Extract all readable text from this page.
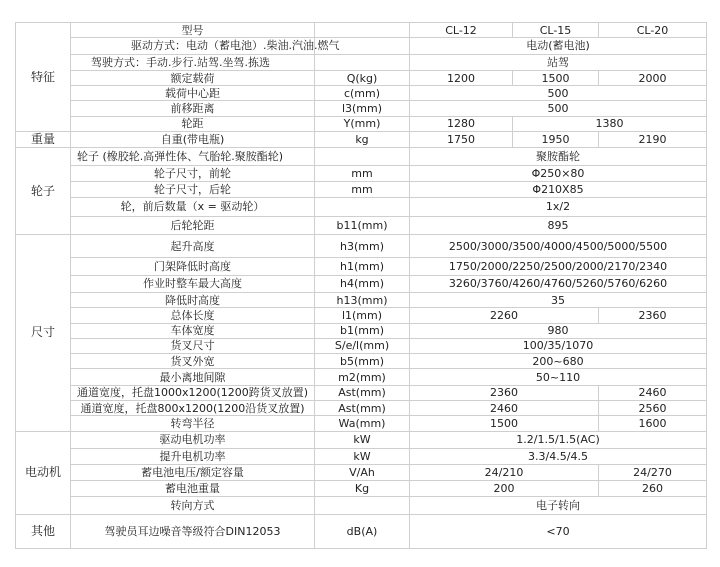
特征	型号		CL-12	CL-15	CL-20
	驱动方式：电动（蓄电池）.柴油.汽油.燃气		电动(蓄电池)		
	驾驶方式：手动.步行.站驾.坐驾.拣选		站驾		
	额定载荷	Q(kg)	1200	1500	2000
	载荷中心距	c(mm)	500		
	前移距离	l3(mm)	500		
	轮距	Y(mm)	1280	1380	
重量	自重(带电瓶)	kg	1750	1950	2190
轮子	轮子 (橡胶轮.高弹性体、气胎轮.聚胺酯轮)		聚胺酯轮		
	轮子尺寸，前轮	mm	Φ250×80		
	轮子尺寸，后轮	mm	Φ210X85		
	轮，前后数量（x = 驱动轮）		1x/2		
	后轮轮距	b11(mm)	895		
尺寸	起升高度	h3(mm)	2500/3000/3500/4000/4500/5000/5500		
	门架降低时高度	h1(mm)	1750/2000/2250/2500/2000/2170/2340		
	作业时整车最大高度	h4(mm)	3260/3760/4260/4760/5260/5760/6260		
	降低时高度	h13(mm)	35		
	总体长度	l1(mm)	2260		2360
	车体宽度	b1(mm)	980		
	货叉尺寸	S/e/l(mm)	100/35/1070		
	货叉外宽	b5(mm)	200~680		
	最小离地间隙	m2(mm)	50~110		
	通道宽度，托盘1000x1200(1200跨货叉放置)	Ast(mm)	2360		2460
	通道宽度，托盘800x1200(1200沿货叉放置)	Ast(mm)	2460		2560
	转弯半径	Wa(mm)	1500		1600
电动机	驱动电机功率	kW	1.2/1.5/1.5(AC)		
	提升电机功率	kW	3.3/4.5/4.5		
	蓄电池电压/额定容量	V/Ah	24/210		24/270
	蓄电池重量	Kg	200		260
	转向方式		电子转向		
其他	驾驶员耳边噪音等级符合DIN12053	dB(A)	<70		
